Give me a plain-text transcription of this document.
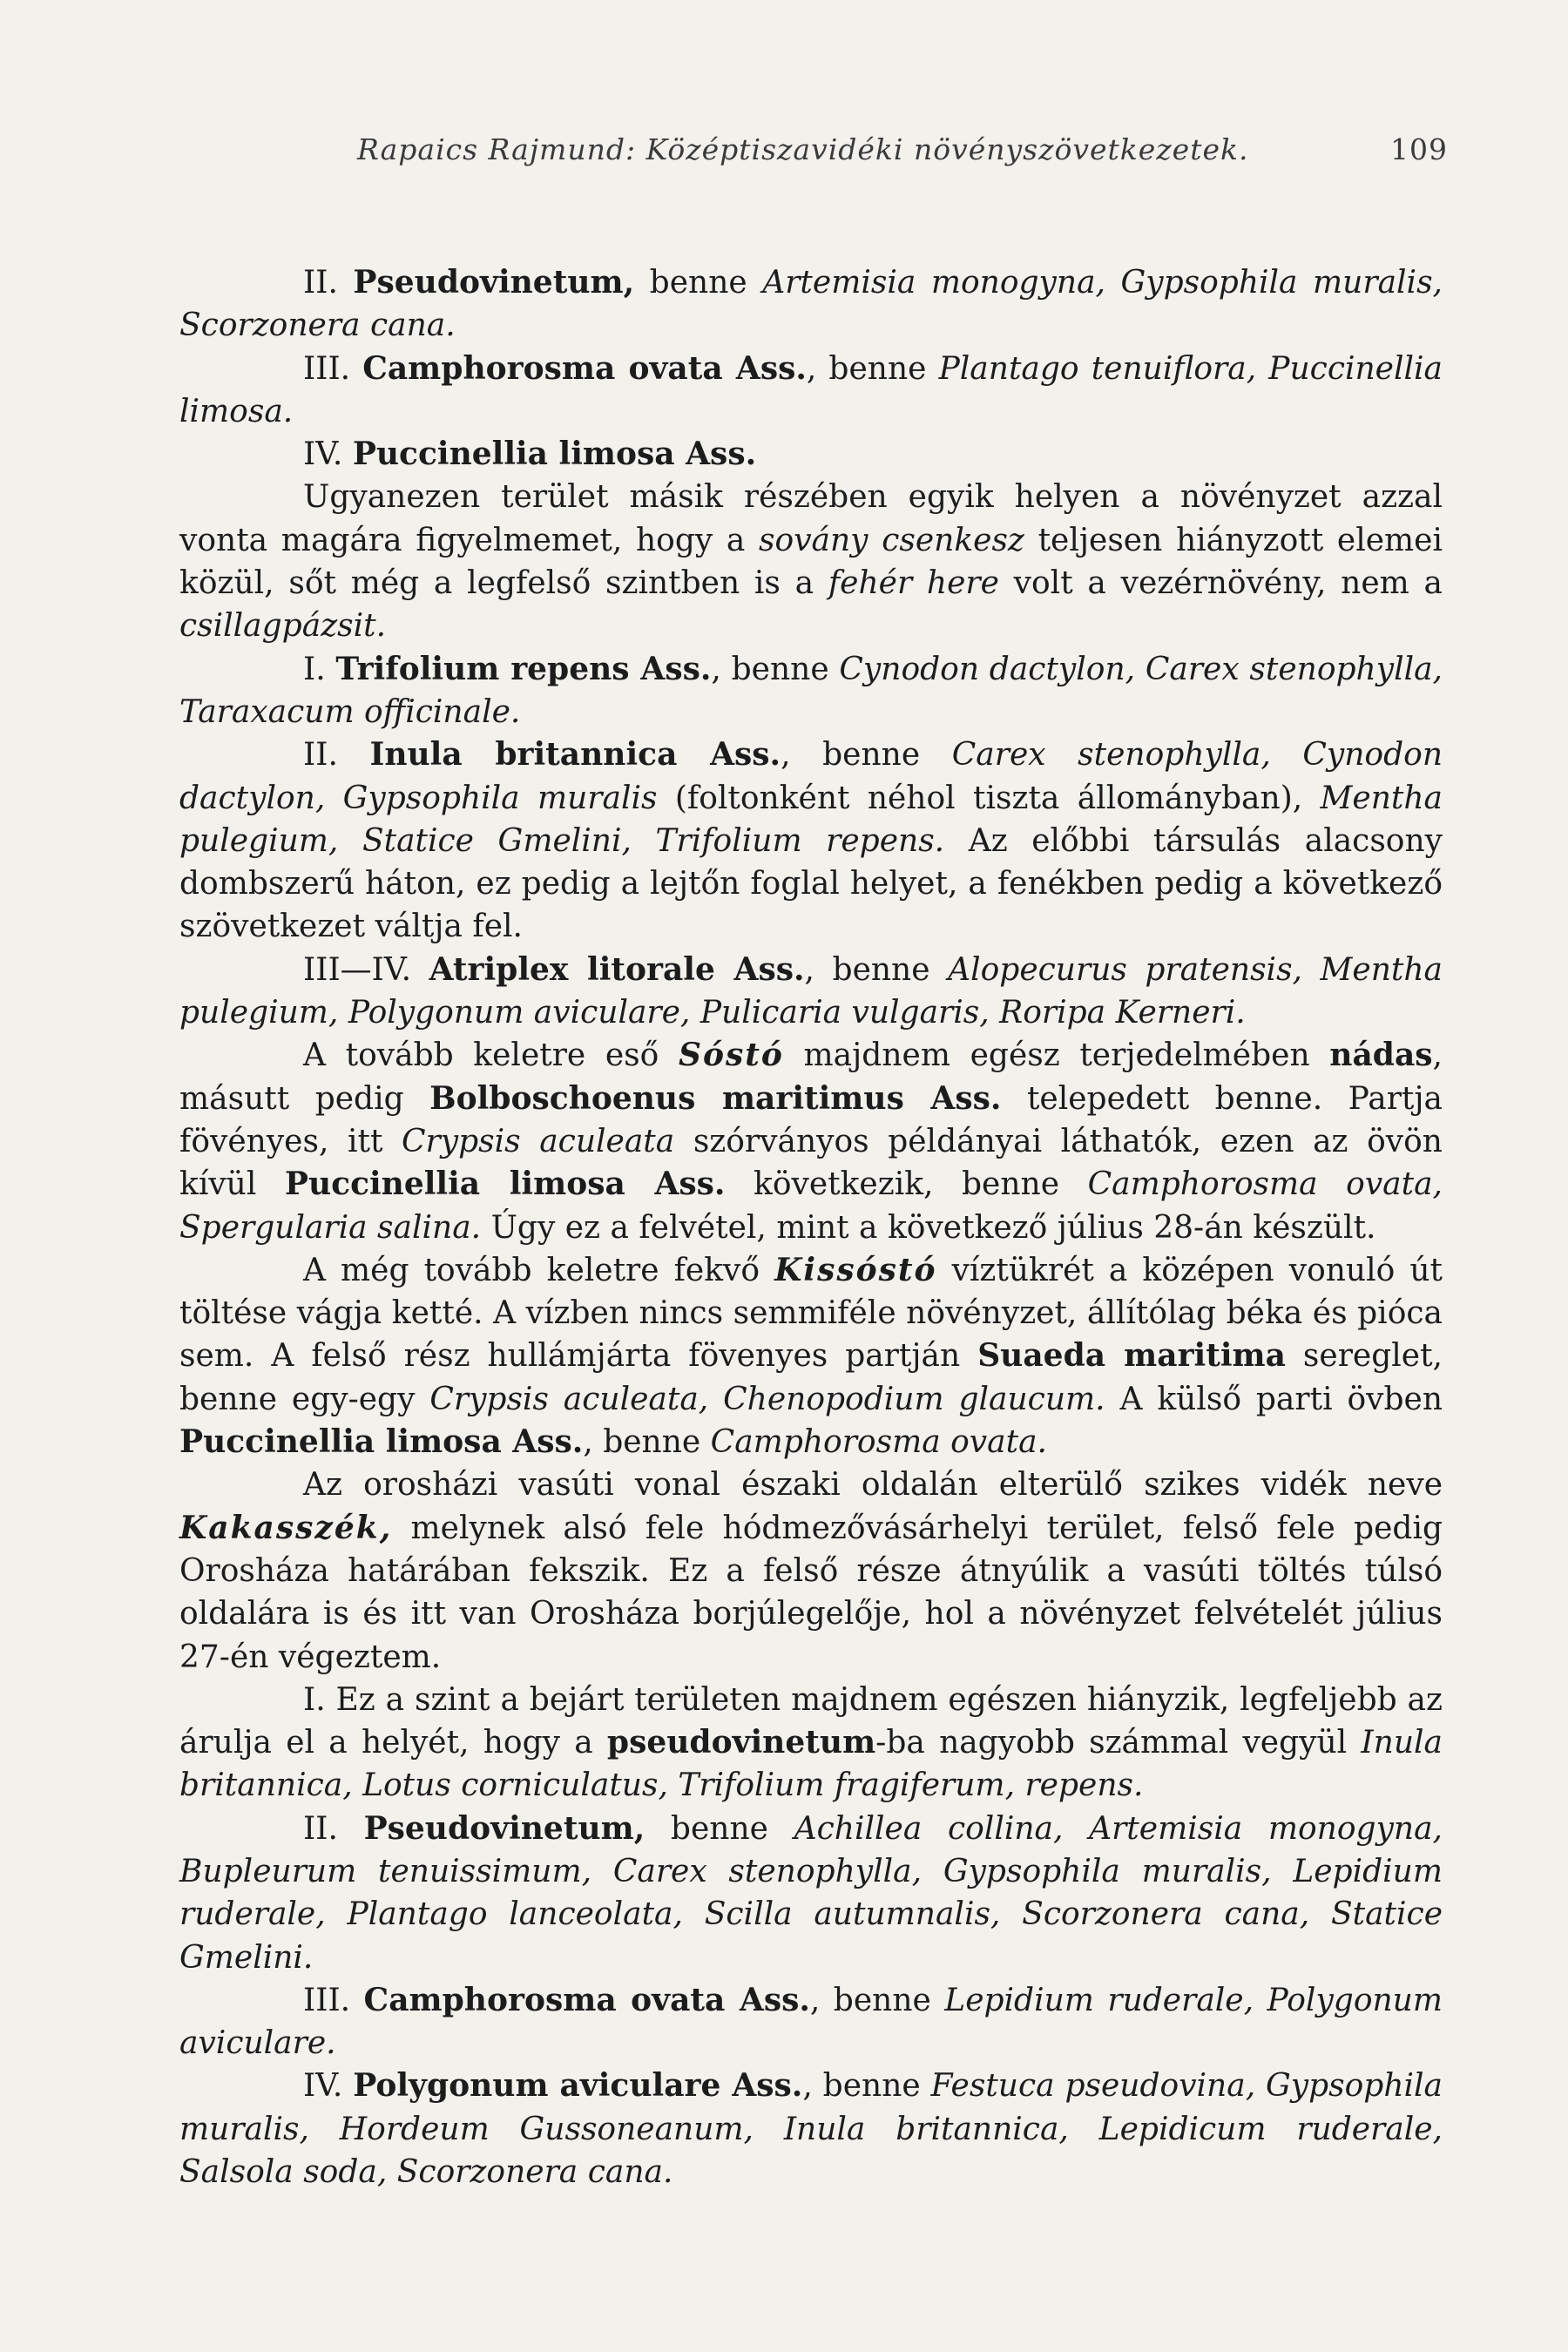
Rapaics Rajmund: Középtiszavidéki növényszövetkezetek.	109

II. Pseudovinetum, benne Artemisia monogyna, Gypsophila muralis, Scorzonera cana.

III. Camphorosma ovata Ass., benne Plantago tenuiflora, Puccinellia limosa.

IV. Puccinellia limosa Ass.

Ugyanezen terület másik részében egyik helyen a növényzet azzal vonta magára figyelmemet, hogy a sovány csenkesz teljesen hiányzott elemei közül, sőt még a legfelső szintben is a fehér here volt a vezérnövény, nem a csillagpázsit.

I. Trifolium repens Ass., benne Cynodon dactylon, Carex stenophylla, Taraxacum officinale.

II. Inula britannica Ass., benne Carex stenophylla, Cynodon dactylon, Gypsophila muralis (foltonként néhol tiszta állományban), Mentha pulegium, Statice Gmelini, Trifolium repens. Az előbbi társulás alacsony dombszerű háton, ez pedig a lejtőn foglal helyet, a fenékben pedig a következő szövetkezet váltja fel.

III—IV. Atriplex litorale Ass., benne Alopecurus pratensis, Mentha pulegium, Polygonum aviculare, Pulicaria vulgaris, Roripa Kerneri.

A tovább keletre eső Sóstó majdnem egész terjedelmében nádas, másutt pedig Bolboschoenus maritimus Ass. telepedett benne. Partja fövényes, itt Crypsis aculeata szórványos példányai láthatók, ezen az övön kívül Puccinellia limosa Ass. következik, benne Camphorosma ovata, Spergularia salina. Úgy ez a felvétel, mint a következő július 28-án készült.

A még tovább keletre fekvő Kissóstó víztükrét a középen vonuló út töltése vágja ketté. A vízben nincs semmiféle növényzet, állítólag béka és pióca sem. A felső rész hullámjárta fövenyes partján Suaeda maritima sereglet, benne egy-egy Crypsis aculeata, Chenopodium glaucum. A külső parti övben Puccinellia limosa Ass., benne Camphorosma ovata.

Az orosházi vasúti vonal északi oldalán elterülő szikes vidék neve Kakasszék, melynek alsó fele hódmezővásárhelyi terület, felső fele pedig Orosháza határában fekszik. Ez a felső része átnyúlik a vasúti töltés túlsó oldalára is és itt van Orosháza borjúlegelője, hol a növényzet felvételét július 27-én végeztem.

I. Ez a szint a bejárt területen majdnem egészen hiányzik, legfeljebb az árulja el a helyét, hogy a pseudovinetum-ba nagyobb számmal vegyül Inula britannica, Lotus corniculatus, Trifolium fragiferum, repens.

II. Pseudovinetum, benne Achillea collina, Artemisia monogyna, Bupleurum tenuissimum, Carex stenophylla, Gypsophila muralis, Lepidium ruderale, Plantago lanceolata, Scilla autumnalis, Scorzonera cana, Statice Gmelini.

III. Camphorosma ovata Ass., benne Lepidium ruderale, Polygonum aviculare.

IV. Polygonum aviculare Ass., benne Festuca pseudovina, Gypsophila muralis, Hordeum Gussoneanum, Inula britannica, Lepidicum ruderale, Salsola soda, Scorzonera cana.
